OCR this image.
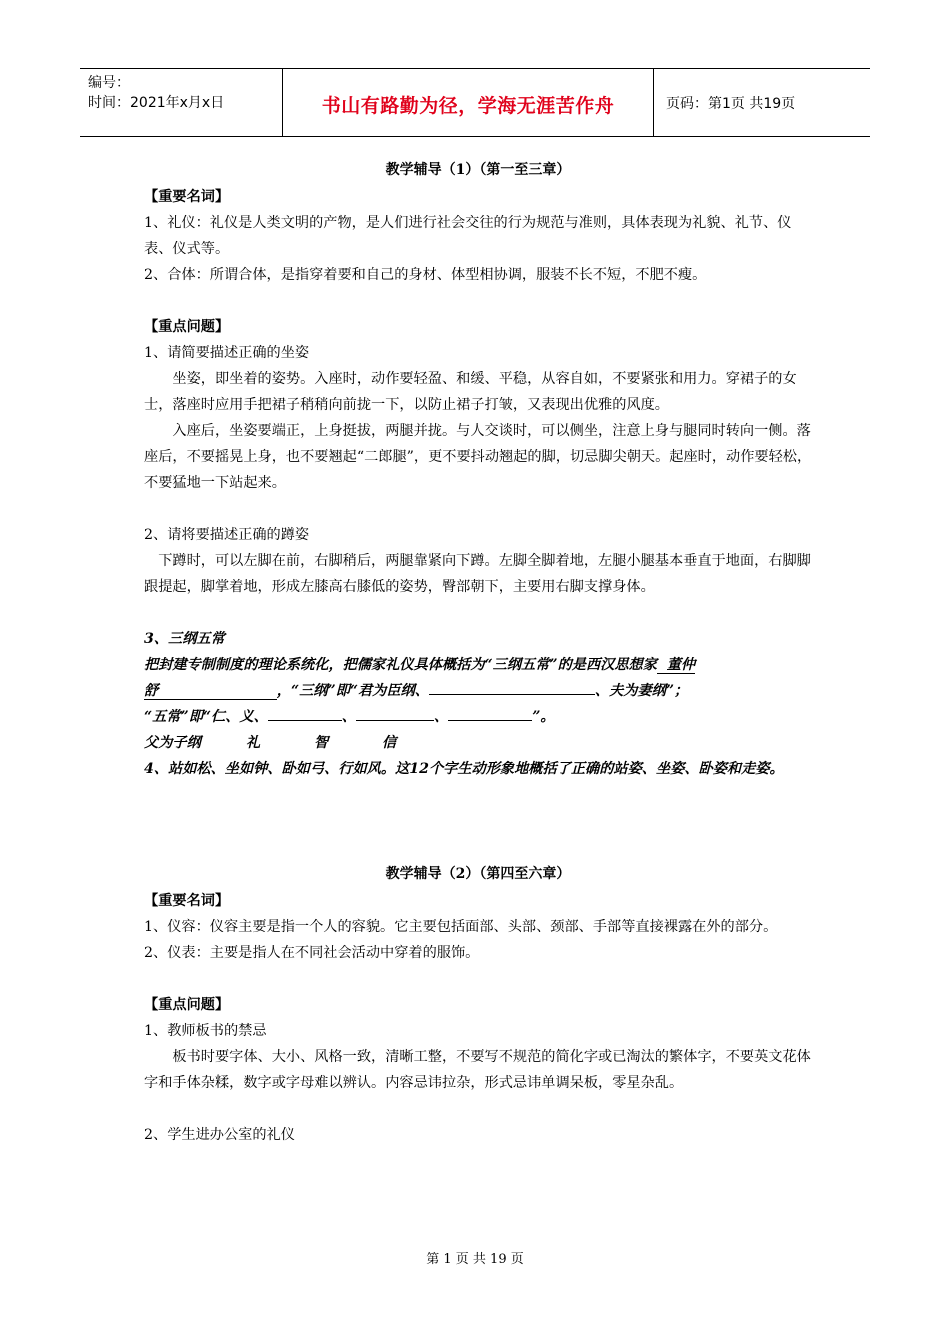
编号：
时间：2021年x月x日	书山有路勤为径，学海无涯苦作舟	页码：第1页 共19页

教学辅导（1）（第一至三章）

【重要名词】

1、礼仪：礼仪是人类文明的产物，是人们进行社会交往的行为规范与准则，具体表现为礼貌、礼节、仪表、仪式等。

2、合体：所谓合体，是指穿着要和自己的身材、体型相协调，服装不长不短，不肥不瘦。

【重点问题】

1、请简要描述正确的坐姿

坐姿，即坐着的姿势。入座时，动作要轻盈、和缓、平稳，从容自如，不要紧张和用力。穿裙子的女士，落座时应用手把裙子稍稍向前拢一下，以防止裙子打皱，又表现出优雅的风度。

入座后，坐姿要端正，上身挺拔，两腿并拢。与人交谈时，可以侧坐，注意上身与腿同时转向一侧。落座后，不要摇晃上身，也不要翘起“二郎腿”，更不要抖动翘起的脚，切忌脚尖朝天。起座时，动作要轻松，不要猛地一下站起来。

2、请将要描述正确的蹲姿

下蹲时，可以左脚在前，右脚稍后，两腿靠紧向下蹲。左脚全脚着地，左腿小腿基本垂直于地面，右脚脚跟提起，脚掌着地，形成左膝高右膝低的姿势，臀部朝下，主要用右脚支撑身体。

3、三纲五常

把封建专制制度的理论系统化，把儒家礼仪具体概括为“三纲五常”的是西汉思想家 董仲舒	，“三纲”即“君为臣纲、	、夫为妻纲”；
“五常”即“仁、义、	、	、	”。

父为子纲	礼	智	信

4、站如松、坐如钟、卧如弓、行如风。这12个字生动形象地概括了正确的站姿、坐姿、卧姿和走姿。

教学辅导（2）（第四至六章）

【重要名词】

1、仪容：仪容主要是指一个人的容貌。它主要包括面部、头部、颈部、手部等直接裸露在外的部分。

2、仪表：主要是指人在不同社会活动中穿着的服饰。

【重点问题】

1、教师板书的禁忌

板书时要字体、大小、风格一致，清晰工整，不要写不规范的简化字或已淘汰的繁体字，不要英文花体字和手体杂糅，数字或字母难以辨认。内容忌讳拉杂，形式忌讳单调呆板，零星杂乱。

2、学生进办公室的礼仪

第 1 页 共 19 页
